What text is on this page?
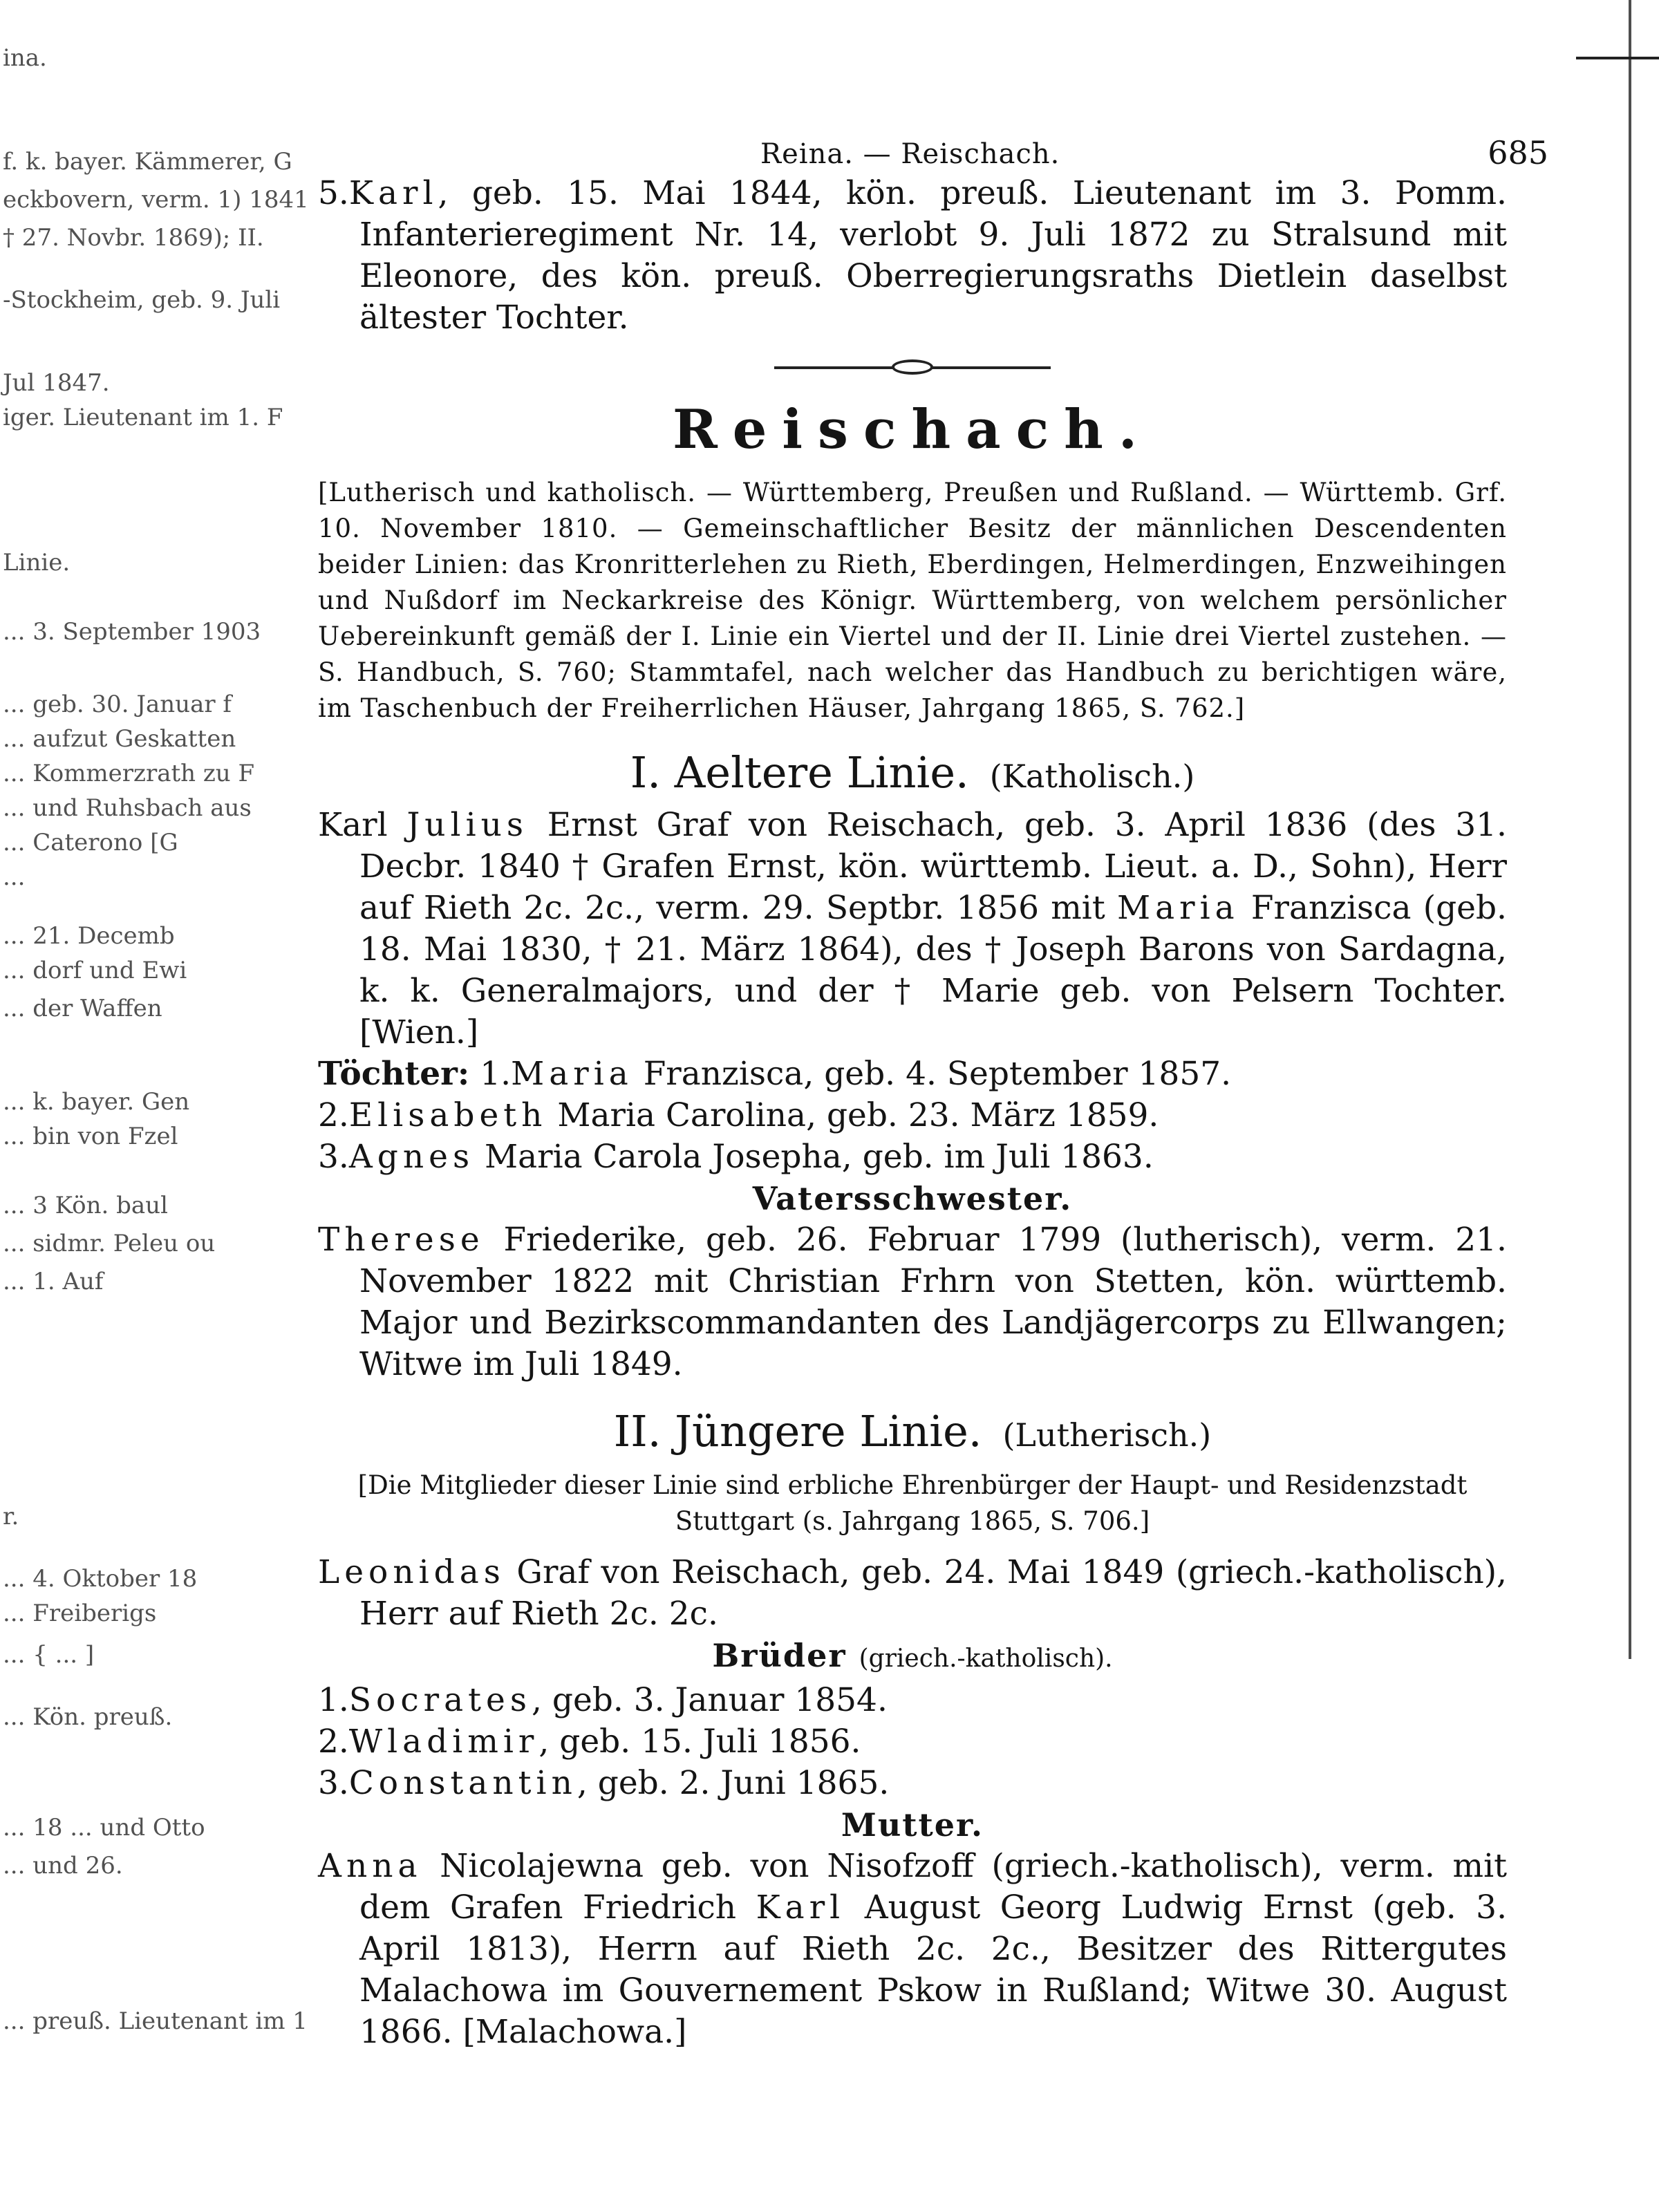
ina.
f. k. bayer. Kämmerer, G
eckbovern, verm. 1) 1841
† 27. Novbr. 1869); II.
-Stockheim, geb. 9. Juli
Jul 1847.
iger. Lieutenant im 1. F
Linie.
... 3. September 1903
... geb. 30. Januar f
... aufzut Geskatten
... Kommerzrath zu F
... und Ruhsbach aus
... Caterono [G
...
... 21. Decemb
... dorf und Ewi
... der Waffen
... k. bayer. Gen
... bin von Fzel
... 3 Kön. baul
... sidmr. Peleu ou
... 1. Auf
r.
... 4. Oktober 18
... Freiberigs
... { ... ]
... Kön. preuß.
... 18 ... und Otto
... und 26.
... preuß. Lieutenant im 1
Reina. — Reischach.	685

5.Karl, geb. 15. Mai 1844, kön. preuß. Lieutenant im 3. Pomm. Infanterieregiment Nr. 14, verlobt 9. Juli 1872 zu Stralsund mit Eleonore, des kön. preuß. Oberregierungsraths Dietlein daselbst ältester Tochter.

Reischach.
[Lutherisch und katholisch. — Württemberg, Preußen und Rußland. — Württemb. Grf. 10. November 1810. — Gemeinschaftlicher Besitz der männlichen Descendenten beider Linien: das Kronritterlehen zu Rieth, Eberdingen, Helmerdingen, Enzweihingen und Nußdorf im Neckarkreise des Königr. Württemberg, von welchem persönlicher Uebereinkunft gemäß der I. Linie ein Viertel und der II. Linie drei Viertel zustehen. — S. Handbuch, S. 760; Stammtafel, nach welcher das Handbuch zu berichtigen wäre, im Taschenbuch der Freiherrlichen Häuser, Jahrgang 1865, S. 762.]
I. Aeltere Linie. (Katholisch.)

Karl Julius Ernst Graf von Reischach, geb. 3. April 1836 (des 31. Decbr. 1840 † Grafen Ernst, kön. württemb. Lieut. a. D., Sohn), Herr auf Rieth 2c. 2c., verm. 29. Septbr. 1856 mit Maria Franzisca (geb. 18. Mai 1830, † 21. März 1864), des † Joseph Barons von Sardagna, k. k. Generalmajors, und der † Marie geb. von Pelsern Tochter. [Wien.]

Töchter: 1.Maria Franzisca, geb. 4. September 1857.

2.Elisabeth Maria Carolina, geb. 23. März 1859.

3.Agnes Maria Carola Josepha, geb. im Juli 1863.

Vatersschwester.

Therese Friederike, geb. 26. Februar 1799 (lutherisch), verm. 21. November 1822 mit Christian Frhrn von Stetten, kön. württemb. Major und Bezirkscommandanten des Landjägercorps zu Ellwangen; Witwe im Juli 1849.

II. Jüngere Linie. (Lutherisch.)
[Die Mitglieder dieser Linie sind erbliche Ehrenbürger der Haupt- und Residenzstadt Stuttgart (s. Jahrgang 1865, S. 706.]

Leonidas Graf von Reischach, geb. 24. Mai 1849 (griech.-katholisch), Herr auf Rieth 2c. 2c.

Brüder (griech.-katholisch).

1.Socrates, geb. 3. Januar 1854.

2.Wladimir, geb. 15. Juli 1856.

3.Constantin, geb. 2. Juni 1865.

Mutter.

Anna Nicolajewna geb. von Nisofzoff (griech.-katholisch), verm. mit dem Grafen Friedrich Karl August Georg Ludwig Ernst (geb. 3. April 1813), Herrn auf Rieth 2c. 2c., Besitzer des Rittergutes Malachowa im Gouvernement Pskow in Rußland; Witwe 30. August 1866. [Malachowa.]
